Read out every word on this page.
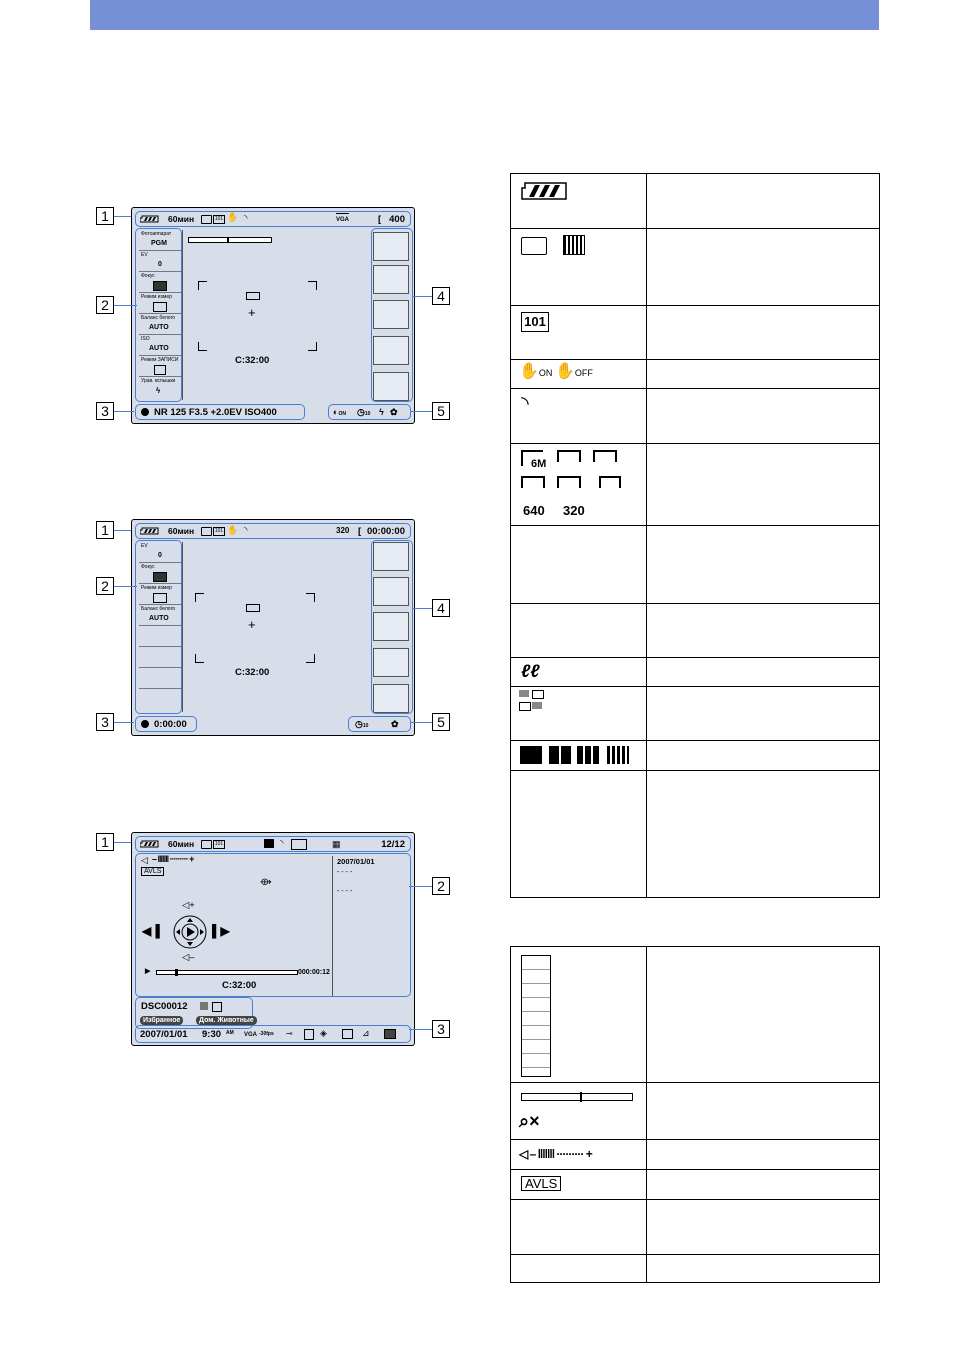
60мин	101 ✋ ◝	VGA	[ 400
Фотоаппарат
PGM
EV
0
Фокус
Режим измер
Баланс белого
AUTO
ISO
AUTO
Режим ЗАПИСИ
Урав. вспышки
ϟ
+
C:32:00
NR 125 F3.5 +2.0EV ISO400	◐ON ◷10 ϟ ✿
1
2
3
4
5
60мин	101 ✋ ◝	320 00:00:00
[
EV
0
Фокус
Режим измер
Баланс белого
AUTO	+
C:32:00
0:00:00	◷10	✿
1
2
3
4
5
60мин	101	◝	▦	12/12
◁ – ǀǀǀǀǀǀǀ ········· +
AVLS
⟴
◁+
◀▐	▌▶
◁–
▶	000:00:12
C:32:00
2007/01/01
- - - -
- - - -
DSC00012
Избранное	Дом. Животные
2007/01/01 9:30 AM VGA -30fps ⊸	◈	⊿
1
2
3
101
✋ON ✋OFF
◝
6M
640 320
ℓℓ
⌕×
◁ – ǀǀǀǀǀǀǀ ········· +
AVLS
